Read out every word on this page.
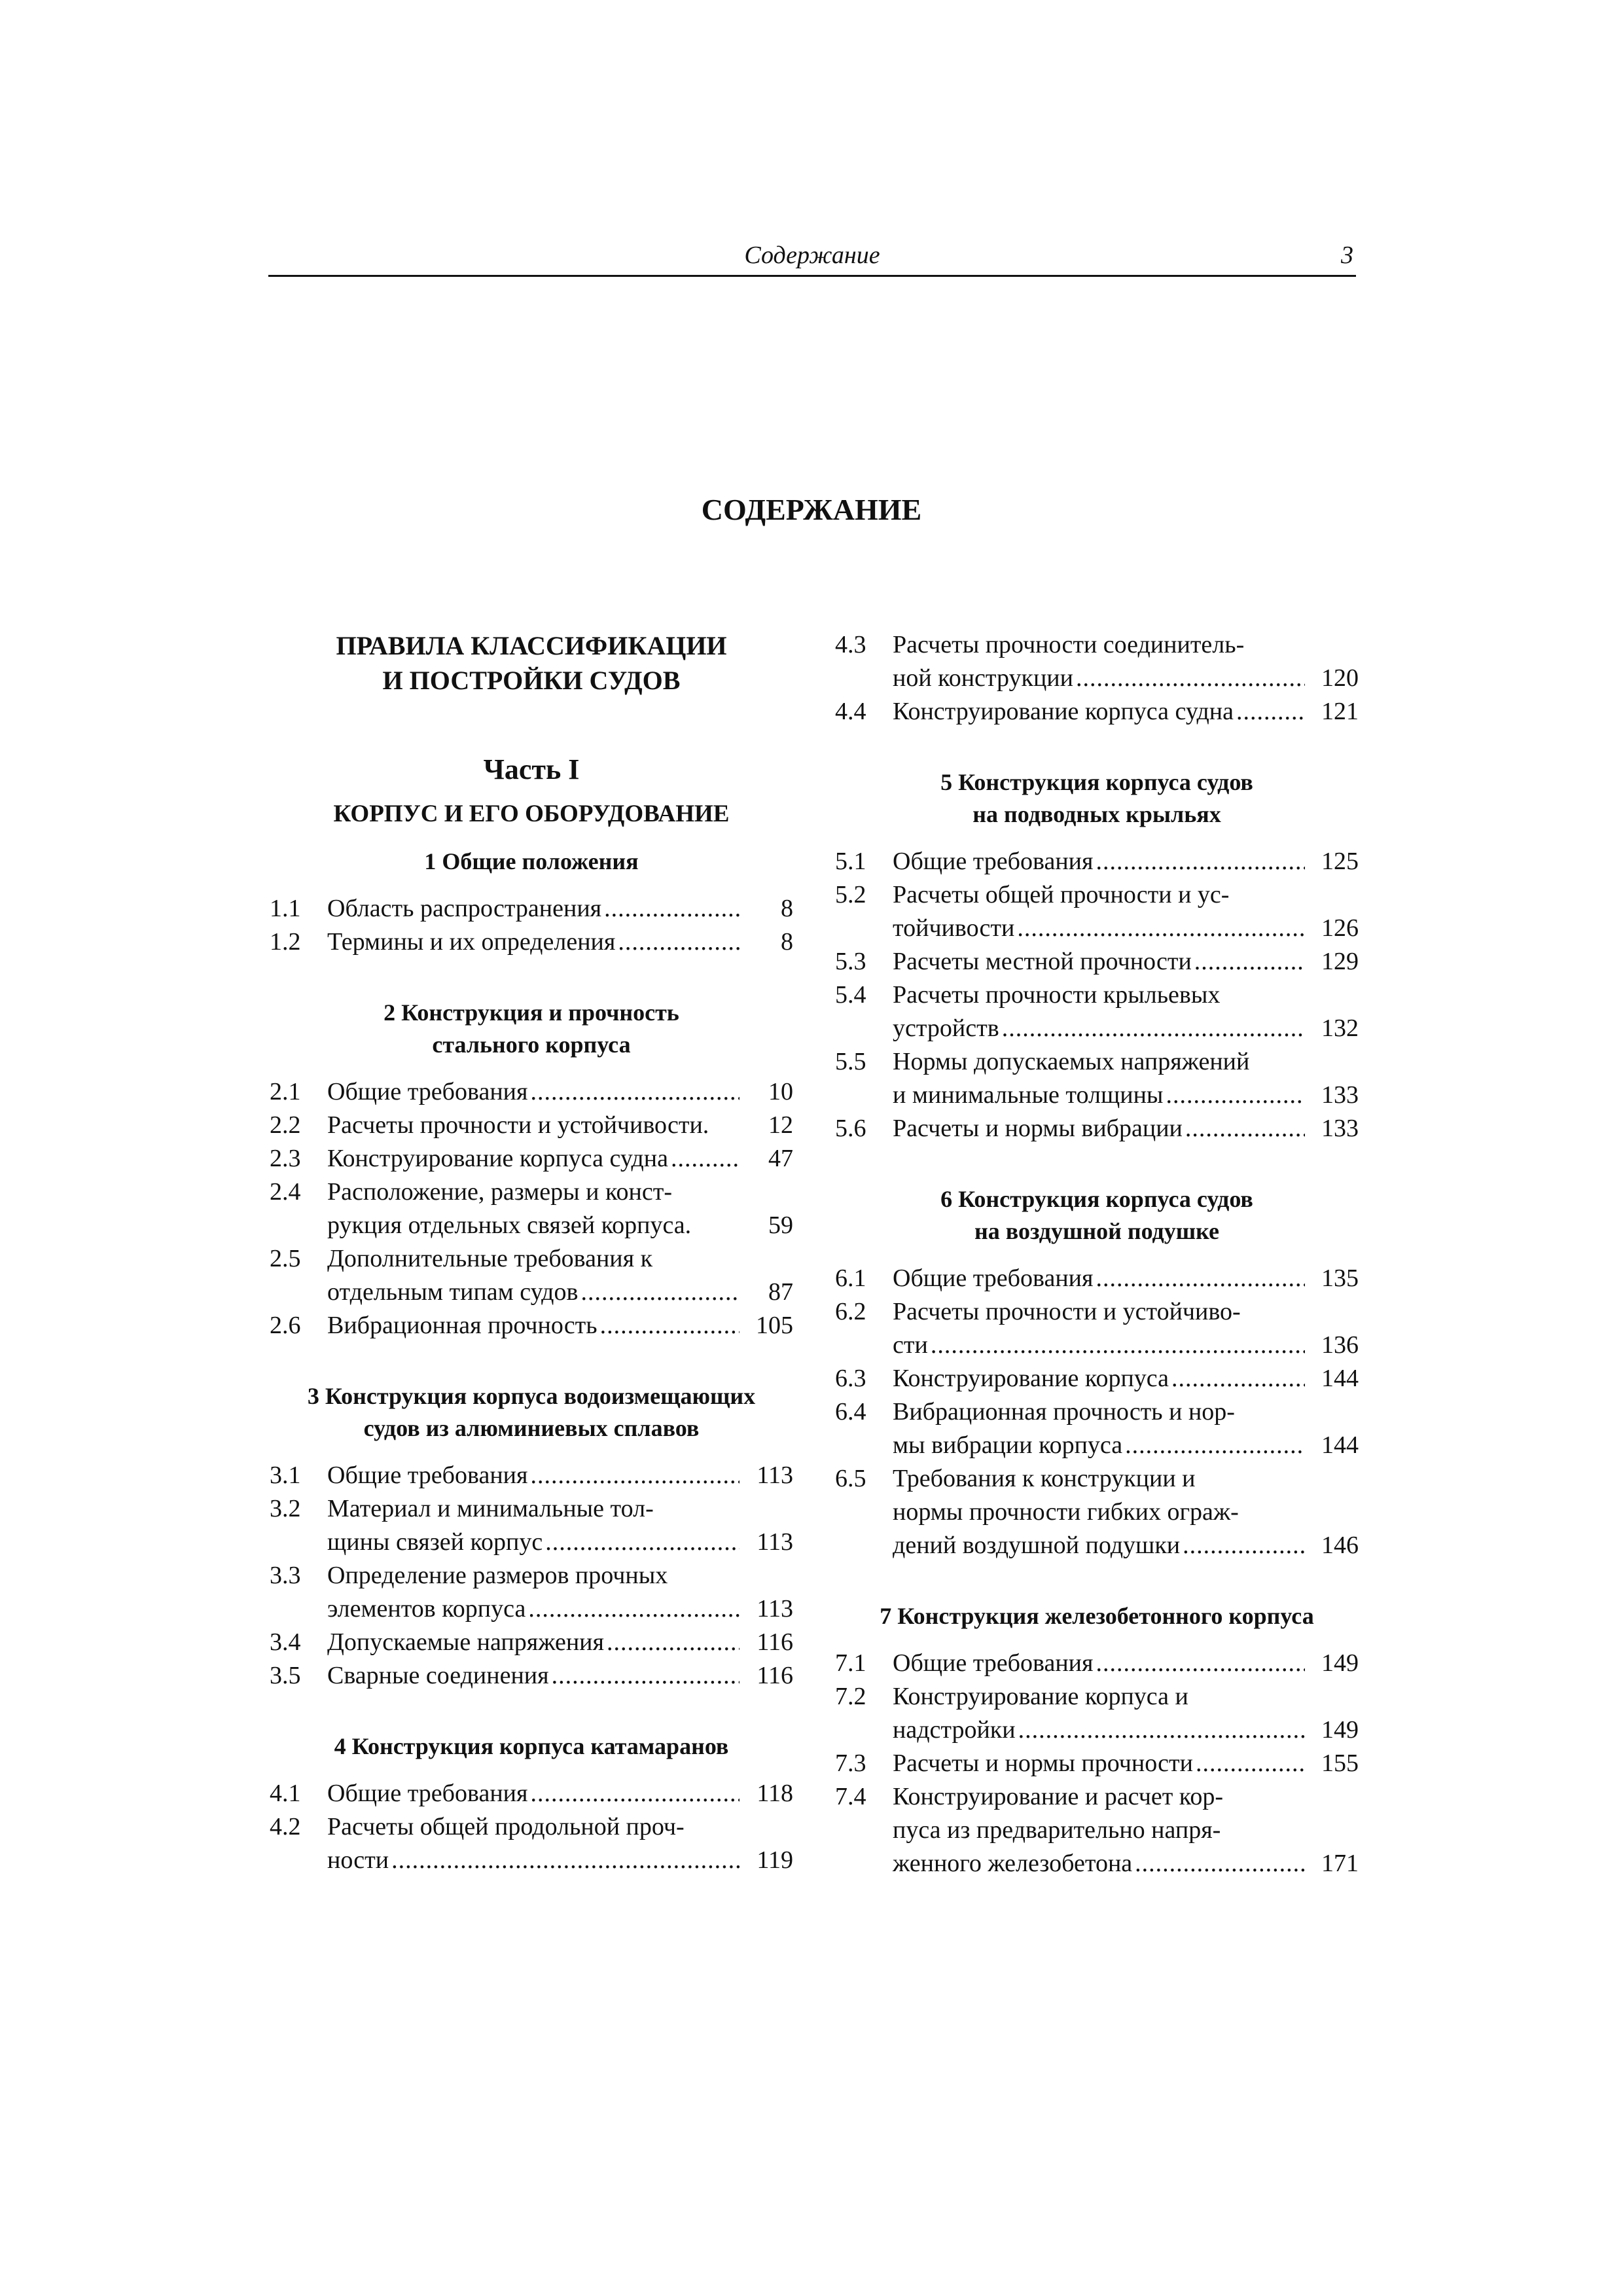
Содержание	3
СОДЕРЖАНИЕ
ПРАВИЛА КЛАССИФИКАЦИИ
И ПОСТРОЙКИ СУДОВ
Часть I
КОРПУС И ЕГО ОБОРУДОВАНИЕ
1 Общие положения
1.1	Область распространения .....	8
1.2	Термины и их определения .....	8
2 Конструкция и прочность
стального корпуса
2.1	Общие требования .....	10
2.2	Расчеты прочности и устойчивости.	12
2.3	Конструирование корпуса судна .....	47
2.4	Расположение, размеры и конст-
рукция отдельных связей корпуса.	59
2.5	Дополнительные требования к
отдельным типам судов .....	87
2.6	Вибрационная прочность .....	105
3 Конструкция корпуса водоизмещающих
судов из алюминиевых сплавов
3.1	Общие требования .....	113
3.2	Материал и минимальные тол-
щины связей корпус .....	113
3.3	Определение размеров прочных
элементов корпуса .....	113
3.4	Допускаемые напряжения .....	116
3.5	Сварные соединения .....	116
4 Конструкция корпуса катамаранов
4.1	Общие требования .....	118
4.2	Расчеты общей продольной проч-
ности .....	119
4.3	Расчеты прочности соединитель-
ной конструкции .....	120
4.4	Конструирование корпуса судна .....	121
5 Конструкция корпуса судов
на подводных крыльях
5.1	Общие требования .....	125
5.2	Расчеты общей прочности и ус-
тойчивости .....	126
5.3	Расчеты местной прочности .....	129
5.4	Расчеты прочности крыльевых
устройств .....	132
5.5	Нормы допускаемых напряжений
и минимальные толщины .....	133
5.6	Расчеты и нормы вибрации .....	133
6 Конструкция корпуса судов
на воздушной подушке
6.1	Общие требования .....	135
6.2	Расчеты прочности и устойчиво-
сти .....	136
6.3	Конструирование корпуса .....	144
6.4	Вибрационная прочность и нор-
мы вибрации корпуса .....	144
6.5	Требования к конструкции и
нормы прочности гибких ограж-
дений воздушной подушки .....	146
7 Конструкция железобетонного корпуса
7.1	Общие требования .....	149
7.2	Конструирование корпуса и
надстройки .....	149
7.3	Расчеты и нормы прочности .....	155
7.4	Конструирование и расчет кор-
пуса из предварительно напря-
женного железобетона .....	171
